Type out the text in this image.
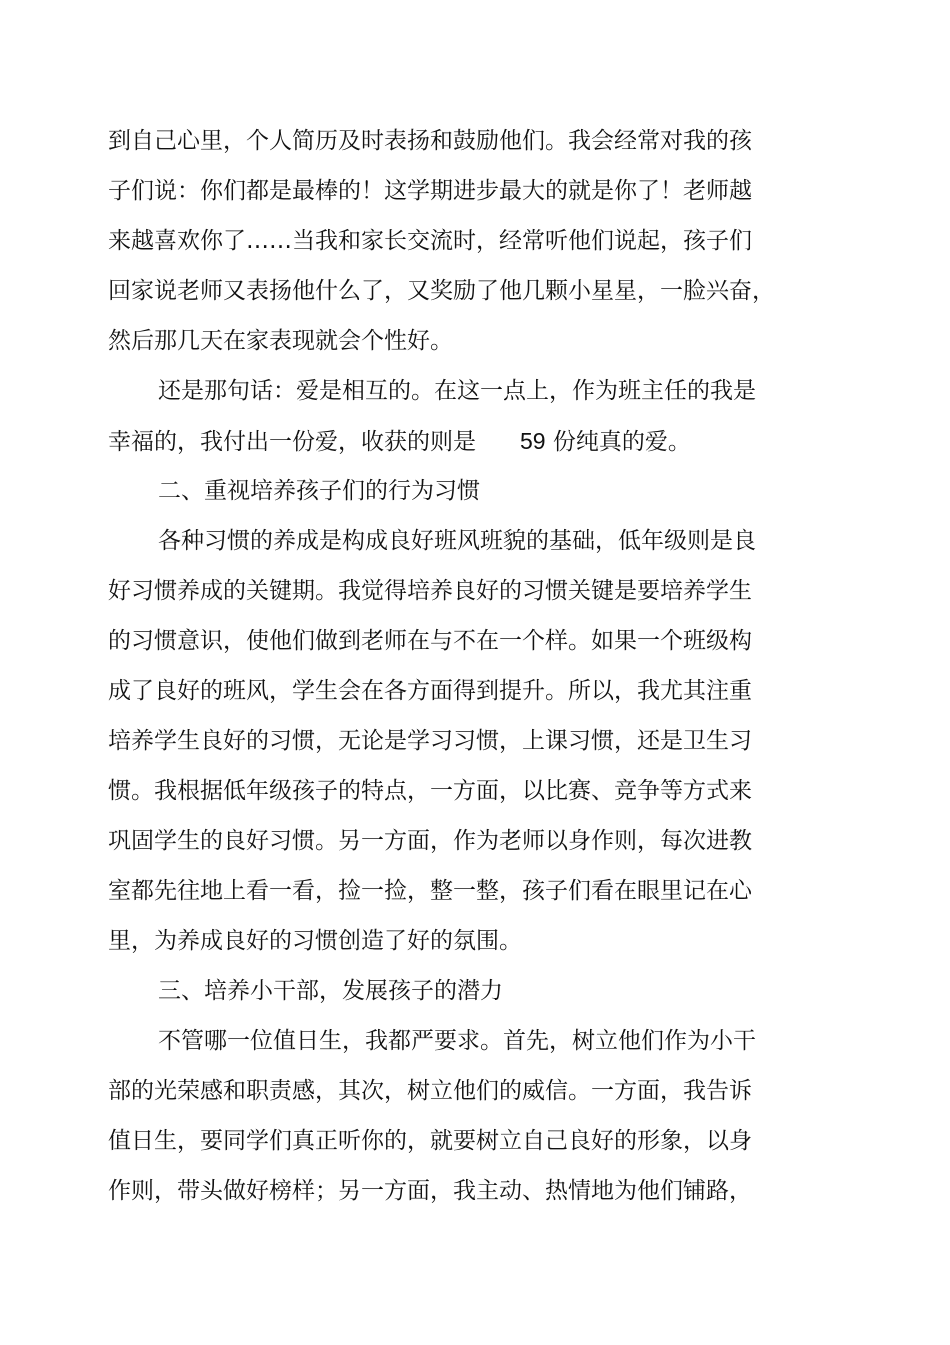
到自己心里，个人简历及时表扬和鼓励他们。我会经常对我的孩
子们说：你们都是最棒的！这学期进步最大的就是你了！老师越
来越喜欢你了……当我和家长交流时，经常听他们说起，孩子们
回家说老师又表扬他什么了，又奖励了他几颗小星星，一脸兴奋，
然后那几天在家表现就会个性好。
还是那句话：爱是相互的。在这一点上，作为班主任的我是
幸福的，我付出一份爱，收获的则是 59 份纯真的爱。
二、重视培养孩子们的行为习惯
各种习惯的养成是构成良好班风班貌的基础，低年级则是良
好习惯养成的关键期。我觉得培养良好的习惯关键是要培养学生
的习惯意识，使他们做到老师在与不在一个样。如果一个班级构
成了良好的班风，学生会在各方面得到提升。所以，我尤其注重
培养学生良好的习惯，无论是学习习惯，上课习惯，还是卫生习
惯。我根据低年级孩子的特点，一方面，以比赛、竞争等方式来
巩固学生的良好习惯。另一方面，作为老师以身作则，每次进教
室都先往地上看一看，捡一捡，整一整，孩子们看在眼里记在心
里，为养成良好的习惯创造了好的氛围。
三、培养小干部，发展孩子的潜力
不管哪一位值日生，我都严要求。首先，树立他们作为小干
部的光荣感和职责感，其次，树立他们的威信。一方面，我告诉
值日生，要同学们真正听你的，就要树立自己良好的形象，以身
作则，带头做好榜样；另一方面，我主动、热情地为他们铺路，
